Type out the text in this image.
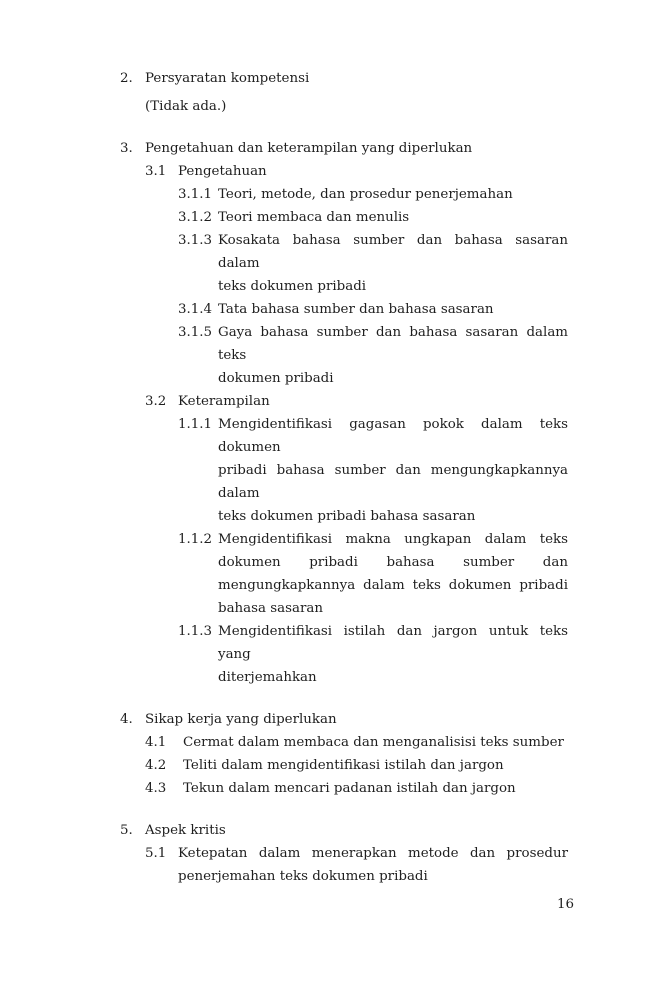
2. Persyaratan kompetensi
(Tidak ada.)
3. Pengetahuan dan keterampilan yang diperlukan
3.1 Pengetahuan
3.1.1 Teori, metode, dan prosedur penerjemahan
3.1.2 Teori membaca dan menulis
3.1.3 Kosakata bahasa sumber dan bahasa sasaran dalam
teks dokumen pribadi
3.1.4 Tata bahasa sumber dan bahasa sasaran
3.1.5 Gaya bahasa sumber dan bahasa sasaran dalam teks
dokumen pribadi
3.2 Keterampilan
1.1.1 Mengidentifikasi gagasan pokok dalam teks dokumen
pribadi bahasa sumber dan mengungkapkannya dalam
teks dokumen pribadi bahasa sasaran
1.1.2 Mengidentifikasi makna ungkapan dalam teks
dokumen pribadi bahasa sumber dan
mengungkapkannya dalam teks dokumen pribadi
bahasa sasaran
1.1.3 Mengidentifikasi istilah dan jargon untuk teks yang
diterjemahkan
4. Sikap kerja yang diperlukan
4.1	Cermat dalam membaca dan menganalisisi teks sumber
4.2	Teliti dalam mengidentifikasi istilah dan jargon
4.3	Tekun dalam mencari padanan istilah dan jargon
5. Aspek kritis
5.1 Ketepatan dalam menerapkan metode dan prosedur
penerjemahan teks dokumen pribadi
16
